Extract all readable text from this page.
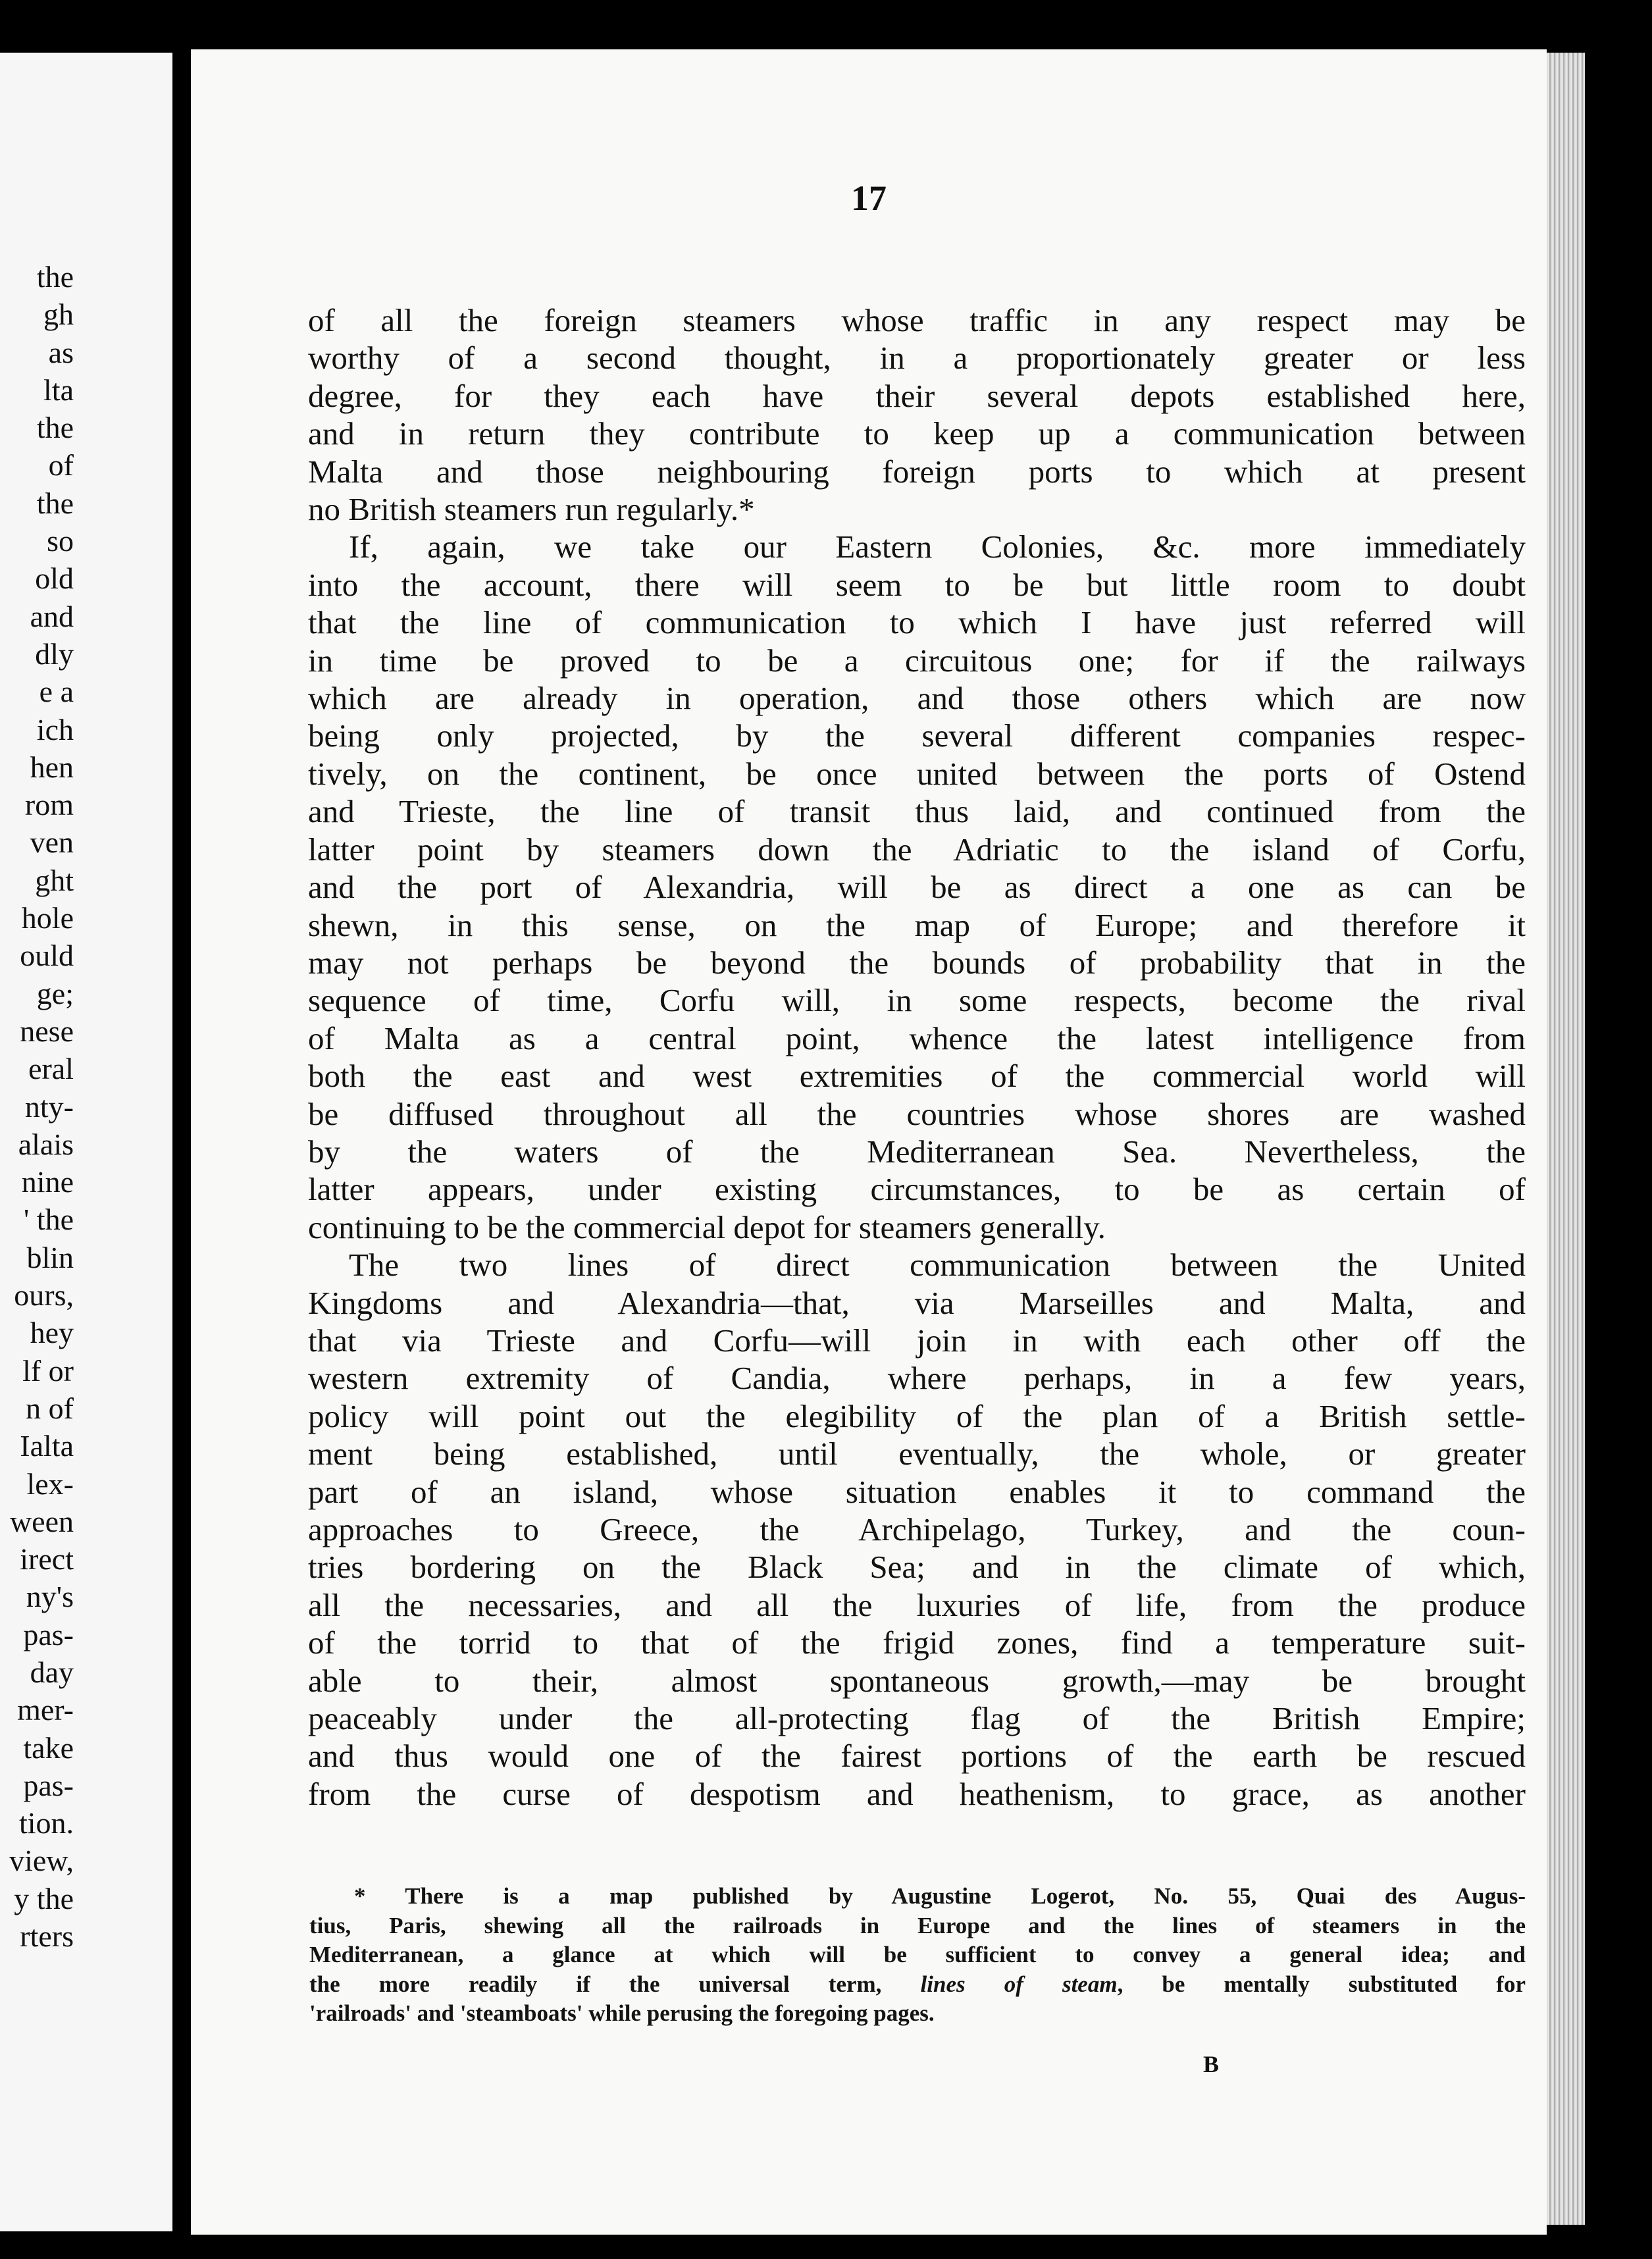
the
gh
as
lta
the
of
the
so
old
and
dly
e a
ich
hen
rom
ven
ght
hole
ould
ge;
nese
eral
nty-
alais
nine
' the
blin
ours,
hey
lf or
n of
Ialta
lex-
ween
irect
ny's
pas-
day
mer-
take
pas-
tion.
view,
y the
rters
17
of all the foreign steamers whose traffic in any respect may be
worthy of a second thought, in a proportionately greater or less
degree, for they each have their several depots established here,
and in return they contribute to keep up a communication between
Malta and those neighbouring foreign ports to which at present
no British steamers run regularly.*
If, again, we take our Eastern Colonies, &c. more immediately
into the account, there will seem to be but little room to doubt
that the line of communication to which I have just referred will
in time be proved to be a circuitous one; for if the railways
which are already in operation, and those others which are now
being only projected, by the several different companies respec-
tively, on the continent, be once united between the ports of Ostend
and Trieste, the line of transit thus laid, and continued from the
latter point by steamers down the Adriatic to the island of Corfu,
and the port of Alexandria, will be as direct a one as can be
shewn, in this sense, on the map of Europe; and therefore it
may not perhaps be beyond the bounds of probability that in the
sequence of time, Corfu will, in some respects, become the rival
of Malta as a central point, whence the latest intelligence from
both the east and west extremities of the commercial world will
be diffused throughout all the countries whose shores are washed
by the waters of the Mediterranean Sea. Nevertheless, the
latter appears, under existing circumstances, to be as certain of
continuing to be the commercial depot for steamers generally.
The two lines of direct communication between the United
Kingdoms and Alexandria—that, via Marseilles and Malta, and
that via Trieste and Corfu—will join in with each other off the
western extremity of Candia, where perhaps, in a few years,
policy will point out the elegibility of the plan of a British settle-
ment being established, until eventually, the whole, or greater
part of an island, whose situation enables it to command the
approaches to Greece, the Archipelago, Turkey, and the coun-
tries bordering on the Black Sea; and in the climate of which,
all the necessaries, and all the luxuries of life, from the produce
of the torrid to that of the frigid zones, find a temperature suit-
able to their, almost spontaneous growth,—may be brought
peaceably under the all-protecting flag of the British Empire;
and thus would one of the fairest portions of the earth be rescued
from the curse of despotism and heathenism, to grace, as another
* There is a map published by Augustine Logerot, No. 55, Quai des Augus-
tius, Paris, shewing all the railroads in Europe and the lines of steamers in the
Mediterranean, a glance at which will be sufficient to convey a general idea; and
the more readily if the universal term, lines of steam, be mentally substituted for
'railroads' and 'steamboats' while perusing the foregoing pages.
B
